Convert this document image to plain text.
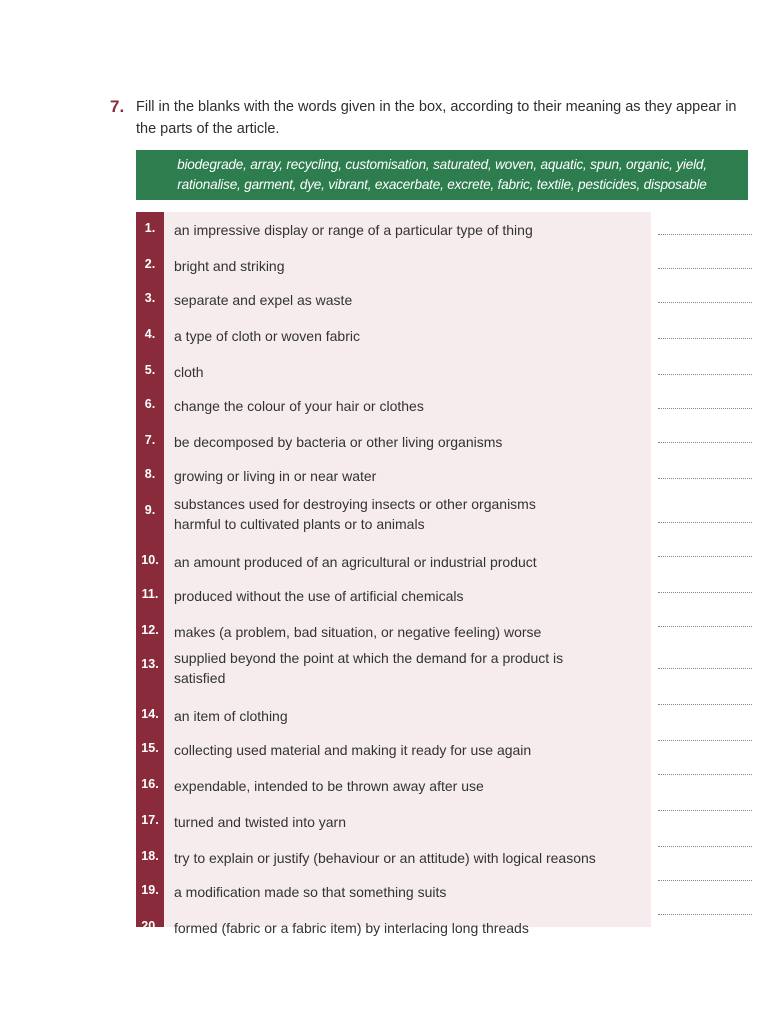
7. Fill in the blanks with the words given in the box, according to their meaning as they appear in the parts of the article.
biodegrade, array, recycling, customisation, saturated, woven, aquatic, spun, organic, yield,
rationalise, garment, dye, vibrant, exacerbate, excrete, fabric, textile, pesticides, disposable
1.	an impressive display or range of a particular type of thing
2.	bright and striking
3.	separate and expel as waste
4.	a type of cloth or woven fabric
5.	cloth
6.	change the colour of your hair or clothes
7.	be decomposed by bacteria or other living organisms
8.	growing or living in or near water
9.	substances used for destroying insects or other organisms harmful to cultivated plants or to animals
10.	an amount produced of an agricultural or industrial product
11.	produced without the use of artificial chemicals
12.	makes (a problem, bad situation, or negative feeling) worse
13.	supplied beyond the point at which the demand for a product is satisfied
14.	an item of clothing
15.	collecting used material and making it ready for use again
16.	expendable, intended to be thrown away after use
17.	turned and twisted into yarn
18.	try to explain or justify (behaviour or an attitude) with logical reasons
19.	a modification made so that something suits
20.	formed (fabric or a fabric item) by interlacing long threads
